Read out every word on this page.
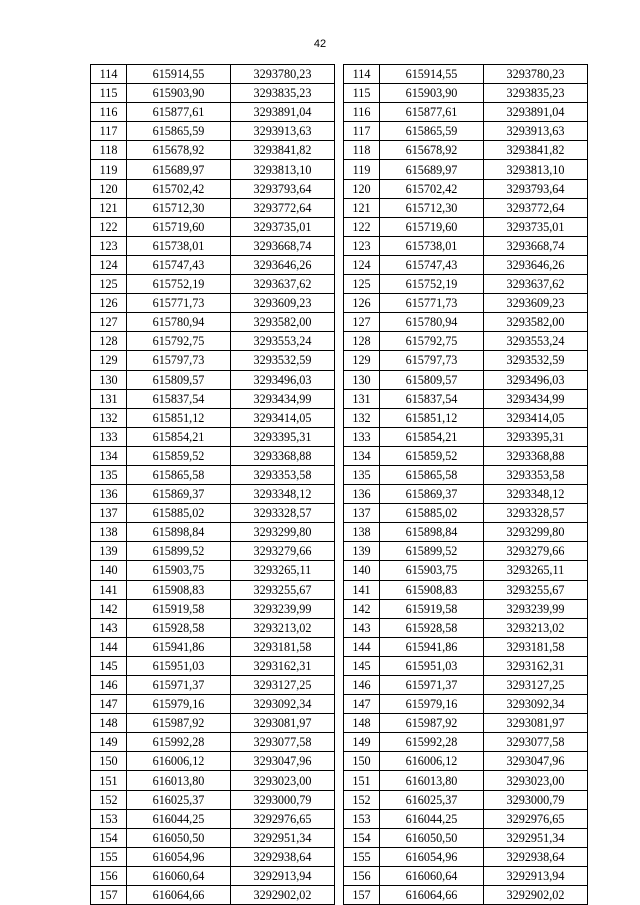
42
114	615914,55	3293780,23
115	615903,90	3293835,23
116	615877,61	3293891,04
117	615865,59	3293913,63
118	615678,92	3293841,82
119	615689,97	3293813,10
120	615702,42	3293793,64
121	615712,30	3293772,64
122	615719,60	3293735,01
123	615738,01	3293668,74
124	615747,43	3293646,26
125	615752,19	3293637,62
126	615771,73	3293609,23
127	615780,94	3293582,00
128	615792,75	3293553,24
129	615797,73	3293532,59
130	615809,57	3293496,03
131	615837,54	3293434,99
132	615851,12	3293414,05
133	615854,21	3293395,31
134	615859,52	3293368,88
135	615865,58	3293353,58
136	615869,37	3293348,12
137	615885,02	3293328,57
138	615898,84	3293299,80
139	615899,52	3293279,66
140	615903,75	3293265,11
141	615908,83	3293255,67
142	615919,58	3293239,99
143	615928,58	3293213,02
144	615941,86	3293181,58
145	615951,03	3293162,31
146	615971,37	3293127,25
147	615979,16	3293092,34
148	615987,92	3293081,97
149	615992,28	3293077,58
150	616006,12	3293047,96
151	616013,80	3293023,00
152	616025,37	3293000,79
153	616044,25	3292976,65
154	616050,50	3292951,34
155	616054,96	3292938,64
156	616060,64	3292913,94
157	616064,66	3292902,02
114	615914,55	3293780,23
115	615903,90	3293835,23
116	615877,61	3293891,04
117	615865,59	3293913,63
118	615678,92	3293841,82
119	615689,97	3293813,10
120	615702,42	3293793,64
121	615712,30	3293772,64
122	615719,60	3293735,01
123	615738,01	3293668,74
124	615747,43	3293646,26
125	615752,19	3293637,62
126	615771,73	3293609,23
127	615780,94	3293582,00
128	615792,75	3293553,24
129	615797,73	3293532,59
130	615809,57	3293496,03
131	615837,54	3293434,99
132	615851,12	3293414,05
133	615854,21	3293395,31
134	615859,52	3293368,88
135	615865,58	3293353,58
136	615869,37	3293348,12
137	615885,02	3293328,57
138	615898,84	3293299,80
139	615899,52	3293279,66
140	615903,75	3293265,11
141	615908,83	3293255,67
142	615919,58	3293239,99
143	615928,58	3293213,02
144	615941,86	3293181,58
145	615951,03	3293162,31
146	615971,37	3293127,25
147	615979,16	3293092,34
148	615987,92	3293081,97
149	615992,28	3293077,58
150	616006,12	3293047,96
151	616013,80	3293023,00
152	616025,37	3293000,79
153	616044,25	3292976,65
154	616050,50	3292951,34
155	616054,96	3292938,64
156	616060,64	3292913,94
157	616064,66	3292902,02
